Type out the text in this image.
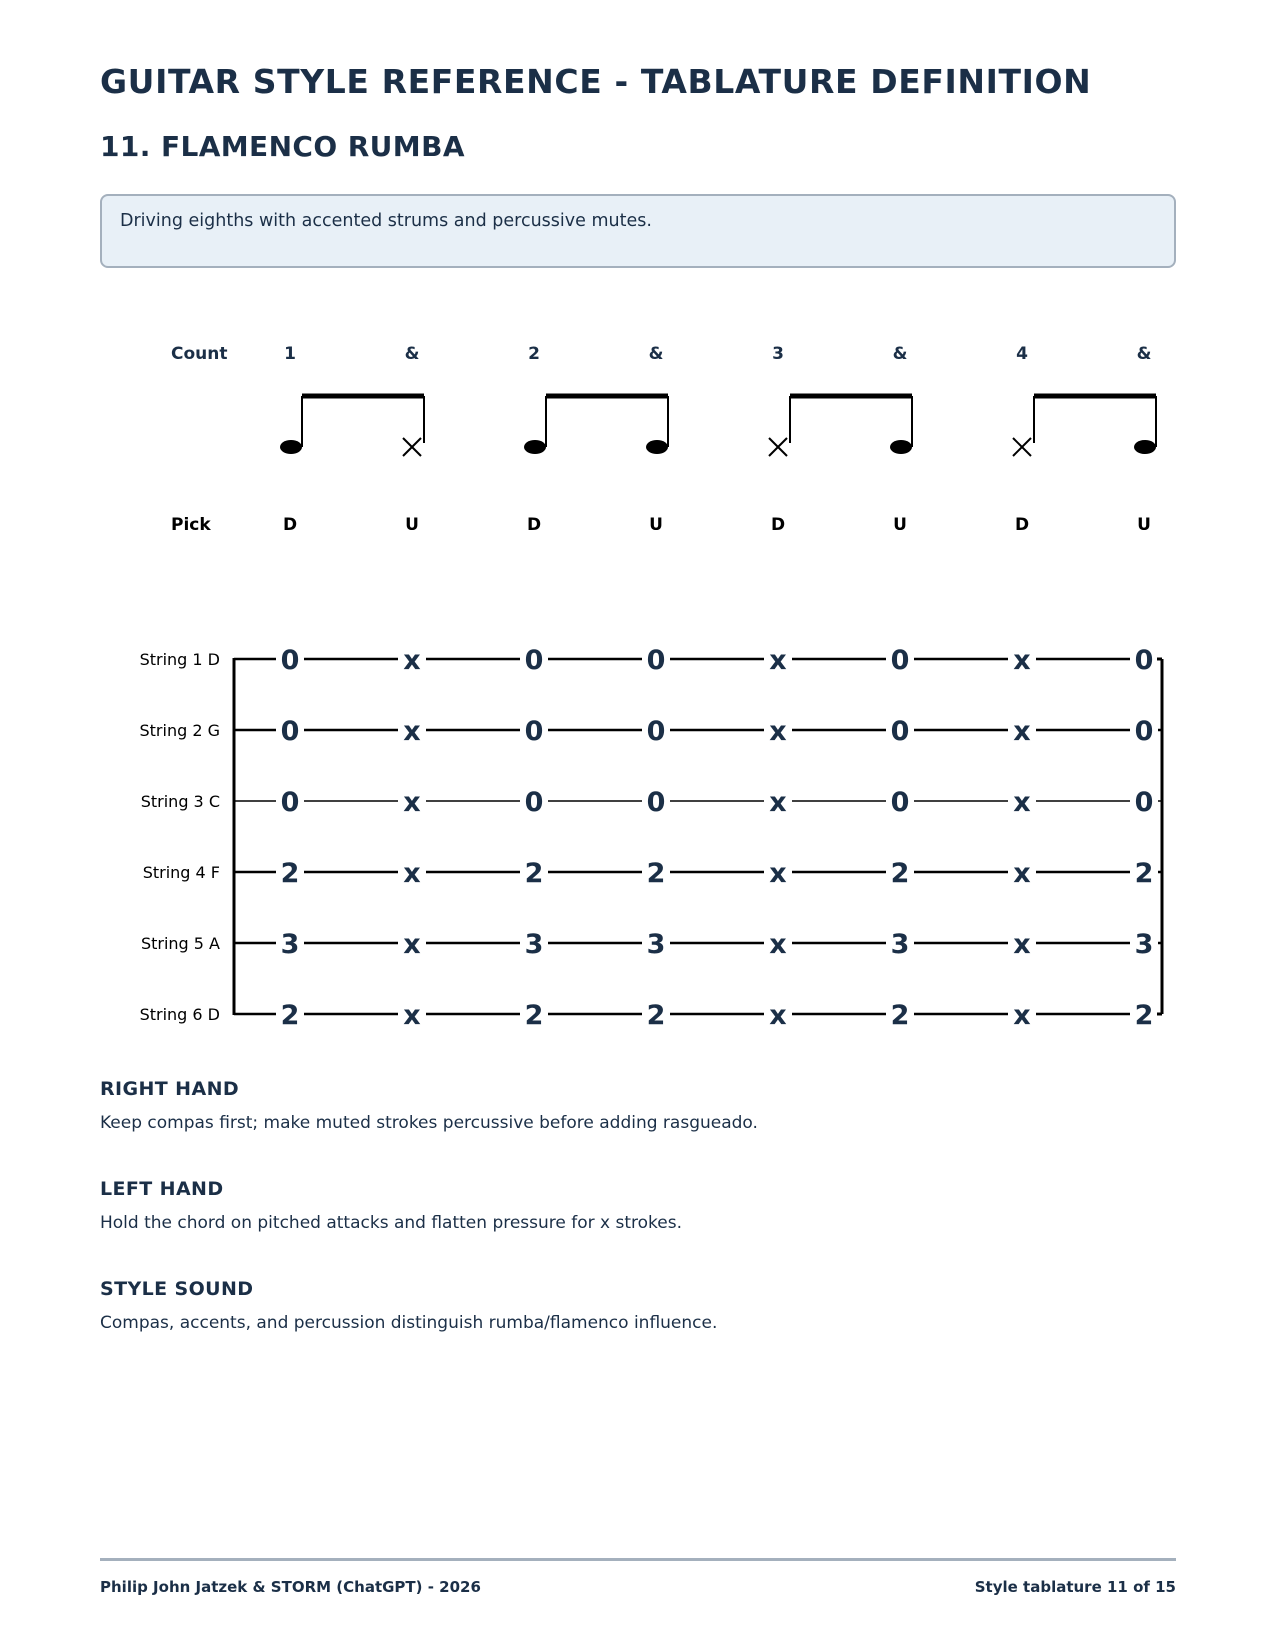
GUITAR STYLE REFERENCE - TABLATURE DEFINITION
11. FLAMENCO RUMBA
Driving eighths with accented strums and percussive mutes.
Count	1	&	2	&	3	&	4	&
Pick	D	U	D	U	D	U	D	U
String 1 D 0	x	0	0	x	0	x	0
String 2 G 0	x	0	0	x	0	x	0
String 3 C 0	x	0	0	x	0	x	0
String 4 F 2	x	2	2	x	2	x	2
String 5 A 3	x	3	3	x	3	x	3
String 6 D 2	x	2	2	x	2	x	2
RIGHT HAND

Keep compas first; make muted strokes percussive before adding rasgueado.

LEFT HAND

Hold the chord on pitched attacks and flatten pressure for x strokes.

STYLE SOUND

Compas, accents, and percussion distinguish rumba/flamenco influence.

Philip John Jatzek & STORM (ChatGPT) - 2026	Style tablature 11 of 15
